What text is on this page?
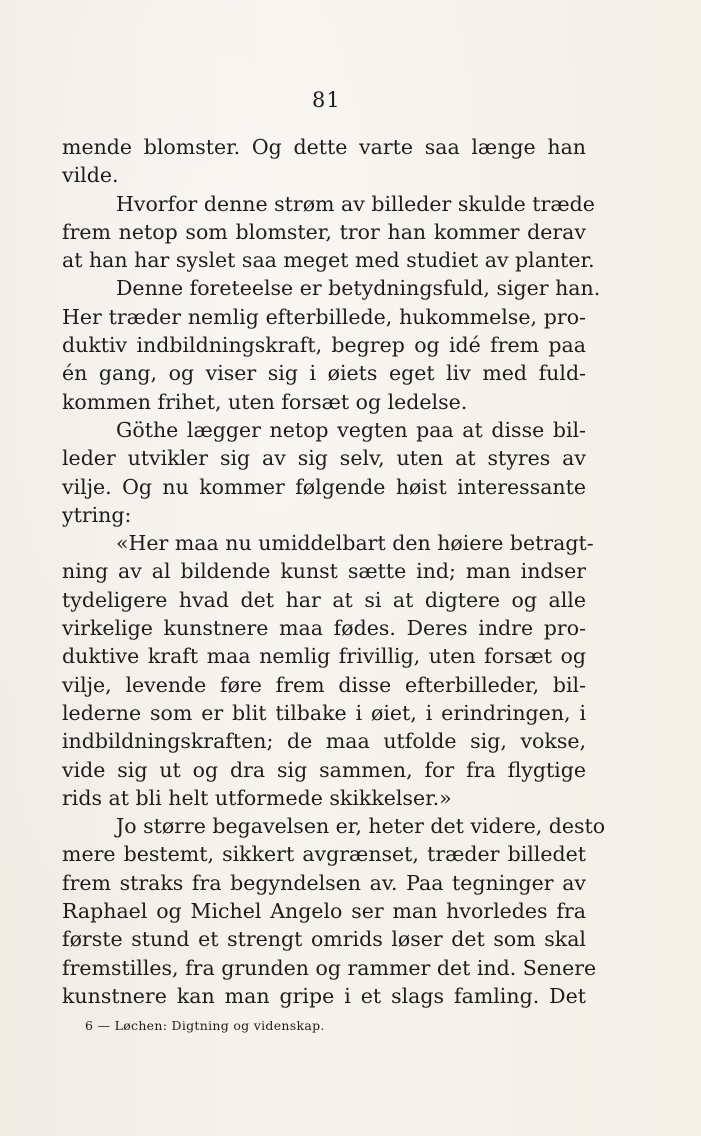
81
mende blomster. Og dette varte saa længe han
vilde.
Hvorfor denne strøm av billeder skulde træde
frem netop som blomster, tror han kommer derav
at han har syslet saa meget med studiet av planter.
Denne foreteelse er betydningsfuld, siger han.
Her træder nemlig efterbillede, hukommelse, pro-
duktiv indbildningskraft, begrep og idé frem paa
én gang, og viser sig i øiets eget liv med fuld-
kommen frihet, uten forsæt og ledelse.
Göthe lægger netop vegten paa at disse bil-
leder utvikler sig av sig selv, uten at styres av
vilje. Og nu kommer følgende høist interessante
ytring:
«Her maa nu umiddelbart den høiere betragt-
ning av al bildende kunst sætte ind; man indser
tydeligere hvad det har at si at digtere og alle
virkelige kunstnere maa fødes. Deres indre pro-
duktive kraft maa nemlig frivillig, uten forsæt og
vilje, levende føre frem disse efterbilleder, bil-
lederne som er blit tilbake i øiet, i erindringen, i
indbildningskraften; de maa utfolde sig, vokse,
vide sig ut og dra sig sammen, for fra flygtige
rids at bli helt utformede skikkelser.»
Jo større begavelsen er, heter det videre, desto
mere bestemt, sikkert avgrænset, træder billedet
frem straks fra begyndelsen av. Paa tegninger av
Raphael og Michel Angelo ser man hvorledes fra
første stund et strengt omrids løser det som skal
fremstilles, fra grunden og rammer det ind. Senere
kunstnere kan man gripe i et slags famling. Det
6 — Løchen: Digtning og videnskap.
